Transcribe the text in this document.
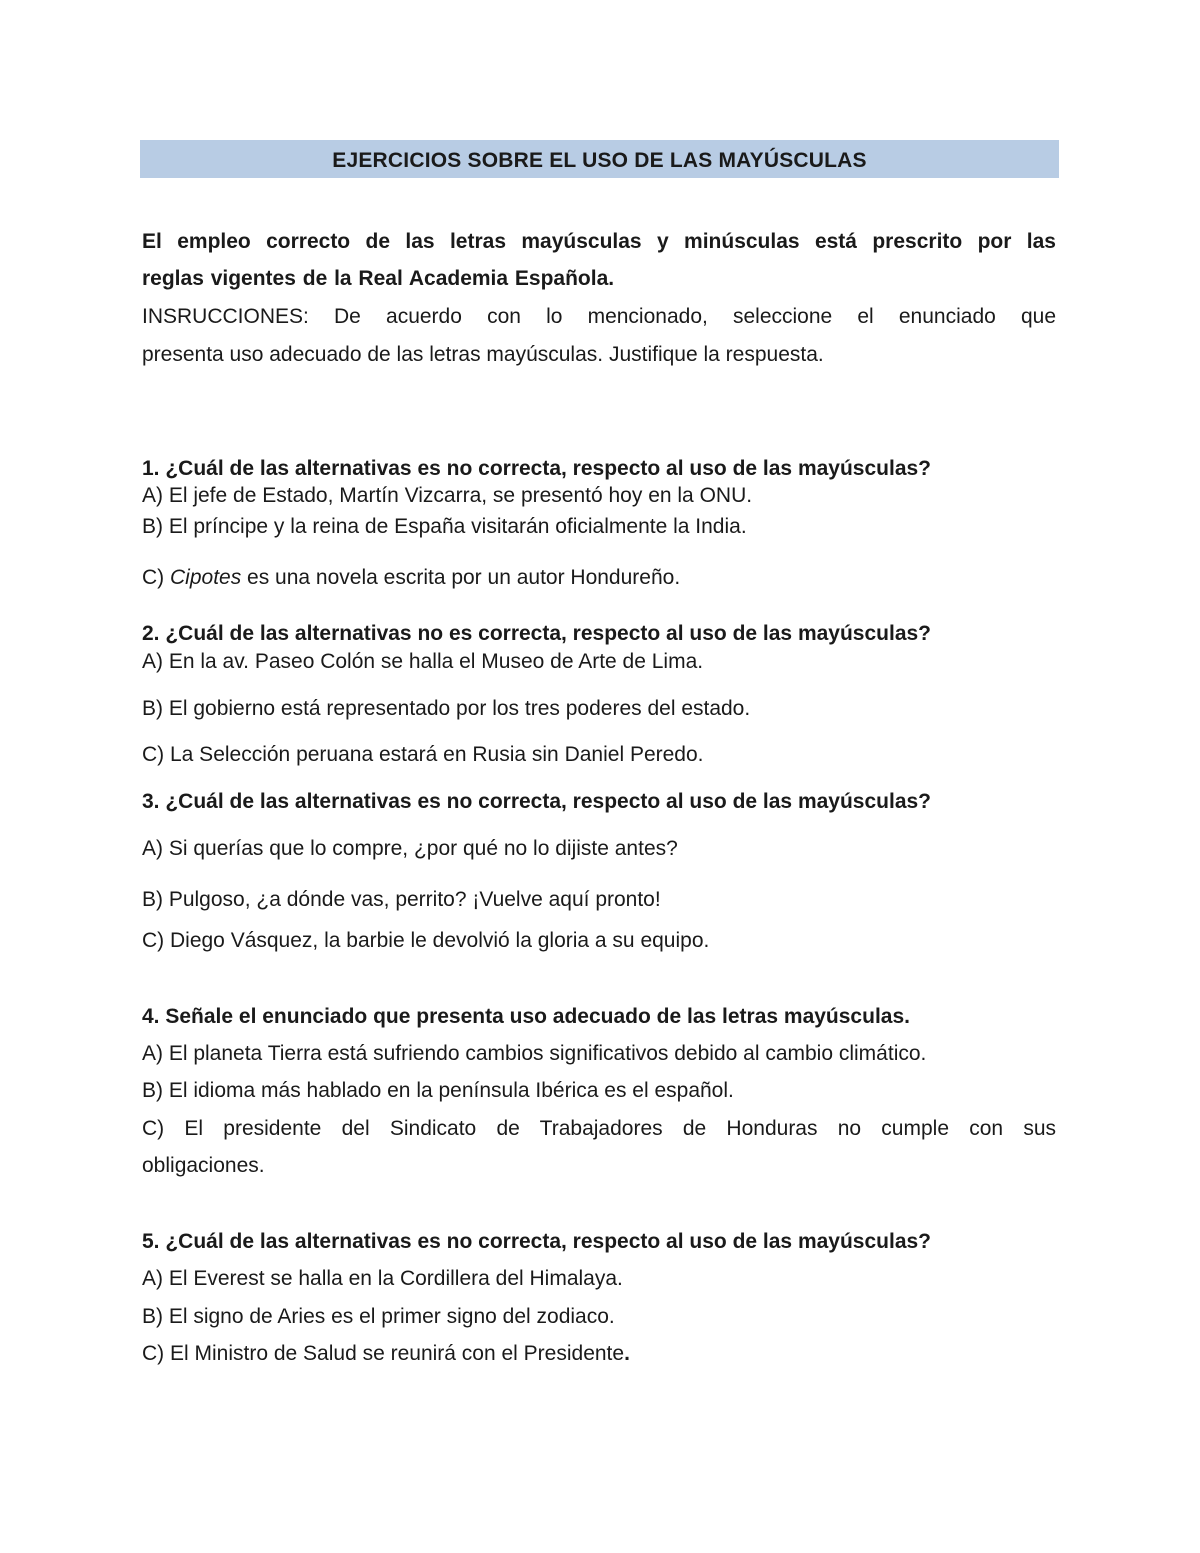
EJERCICIOS SOBRE EL USO DE LAS MAYÚSCULAS
El empleo correcto de las letras mayúsculas y minúsculas está prescrito por las
reglas vigentes de la Real Academia Española.
INSRUCCIONES: De acuerdo con lo mencionado, seleccione el enunciado que
presenta uso adecuado de las letras mayúsculas. Justifique la respuesta.
1. ¿Cuál de las alternativas es no correcta, respecto al uso de las mayúsculas?
A) El jefe de Estado, Martín Vizcarra, se presentó hoy en la ONU.
B) El príncipe y la reina de España visitarán oficialmente la India.
C) Cipotes es una novela escrita por un autor Hondureño.
2. ¿Cuál de las alternativas no es correcta, respecto al uso de las mayúsculas?
A) En la av. Paseo Colón se halla el Museo de Arte de Lima.
B) El gobierno está representado por los tres poderes del estado.
C) La Selección peruana estará en Rusia sin Daniel Peredo.
3. ¿Cuál de las alternativas es no correcta, respecto al uso de las mayúsculas?
A) Si querías que lo compre, ¿por qué no lo dijiste antes?
B) Pulgoso, ¿a dónde vas, perrito? ¡Vuelve aquí pronto!
C) Diego Vásquez, la barbie le devolvió la gloria a su equipo.
4. Señale el enunciado que presenta uso adecuado de las letras mayúsculas.
A) El planeta Tierra está sufriendo cambios significativos debido al cambio climático.
B) El idioma más hablado en la península Ibérica es el español.
C) El presidente del Sindicato de Trabajadores de Honduras no cumple con sus
obligaciones.
5. ¿Cuál de las alternativas es no correcta, respecto al uso de las mayúsculas?
A) El Everest se halla en la Cordillera del Himalaya.
B) El signo de Aries es el primer signo del zodiaco.
C) El Ministro de Salud se reunirá con el Presidente.
